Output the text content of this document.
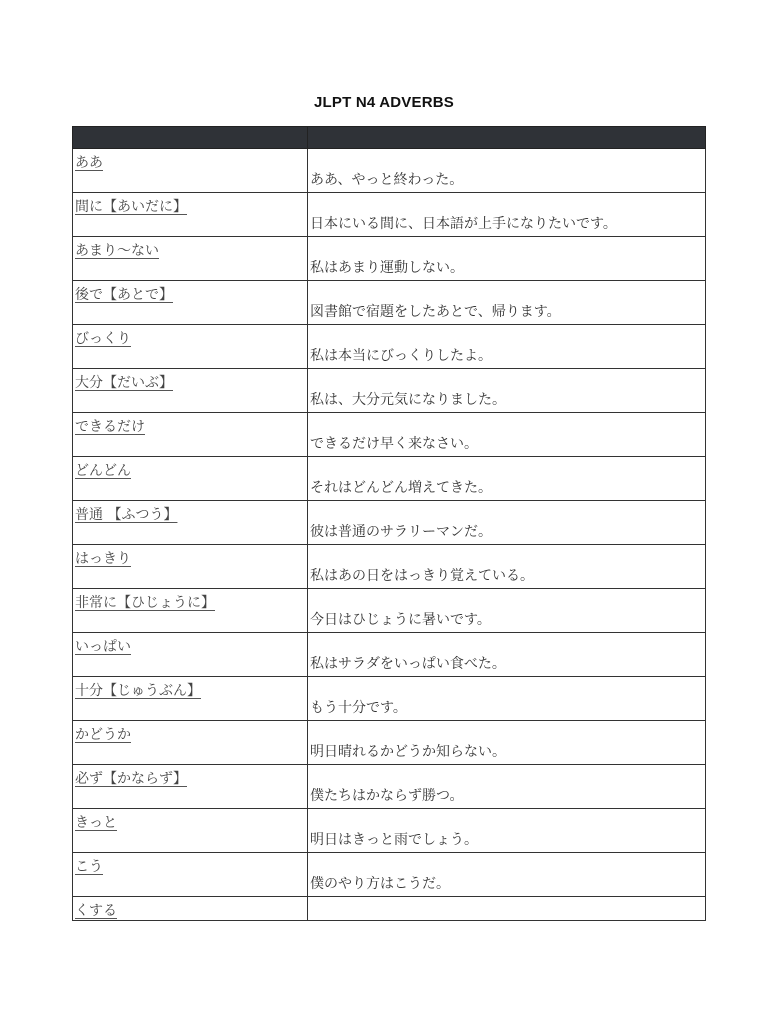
JLPT N4 ADVERBS

ああ	ああ、やっと終わった。

間に【あいだに】	日本にいる間に、日本語が上手になりたいです。

あまり〜ない	私はあまり運動しない。

後で【あとで】	図書館で宿題をしたあとで、帰ります。

びっくり	私は本当にびっくりしたよ。

大分【だいぶ】	私は、大分元気になりました。

できるだけ	できるだけ早く来なさい。

どんどん	それはどんどん増えてきた。

普通 【ふつう】	彼は普通のサラリーマンだ。

はっきり	私はあの日をはっきり覚えている。

非常に【ひじょうに】	今日はひじょうに暑いです。

いっぱい	私はサラダをいっぱい食べた。

十分【じゅうぶん】	もう十分です。

かどうか	明日晴れるかどうか知らない。

必ず【かならず】	僕たちはかならず勝つ。

きっと	明日はきっと雨でしょう。

こう	僕のやり方はこうだ。

くする	
